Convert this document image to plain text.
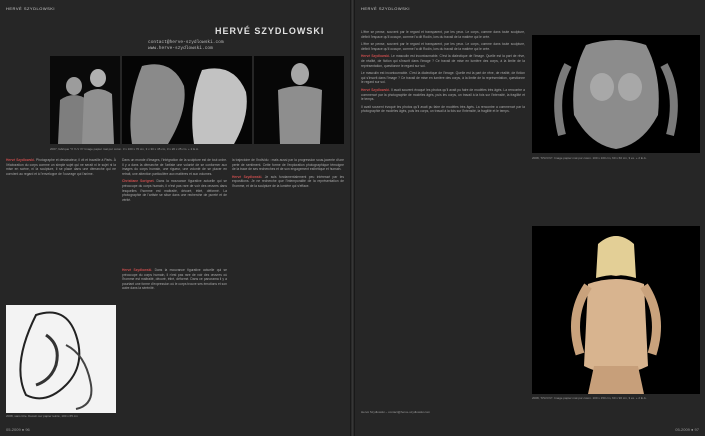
HERVÉ SZYDLOWSKI
HERVÉ SZYDLOWSKI
contact@herve-szydlowski.com
www.herve-szydlowski.com
2007, fabrique "X \\\ V \\\" Image papier mat pur coton. 3 x 100 x 70 cm, 3 x 30 x 45 cm, 3 x 20 x 25 cm. + 2 E.A.

Hervé Szydlowski. Photographe et dessinateur, il vit et travaille à Paris. À l'élaboration du corps comme un simple sujet qui ne serait ni le sujet ni la mise en scène, ni la sculpture, il se place dans une démarche qui ne convient au regard et à l'enveloppe de l'ouvrage qui l'anime.

Dans un monde d'images, l'intégration de la sculpture est de tout ordre. Il y a dans la démarche de l'artiste une volonté de se conformer aux images du corps humain, une rigueur, une volonté de se placer en retrait, une attention particulière aux matières et aux volumes.

Christiane Sorignet. Dans la mouvance figurative actuelle qui se préoccupe du corps humain, il n'est pas rare de voir des œuvres dans lesquelles l'homme est maltraité, décoré, étiré, déformé. La photographie de l'artiste se situe dans une recherche de pureté et de vérité.

la trajectoire de l'individu : mais aussi par la progression sous-jacente d'une perte de sentiment. Cette forme de l'exploration photographique témoigne de la trace de ses recherches et de son engagement esthétique et humain.

Hervé Szydlowski. Je suis fondamentalement peu intéressé par les expositions. Je ne recherche que l'intemporalité de la représentation de l'homme, et de la sculpture de la lumière qui s'efface.

Hervé Szydlowski. Dans la mouvance figurative actuelle qui se préoccupe du corps humain, il n'est pas rare de voir des œuvres où l'homme est maltraité, décoré, étiré, déformé. Dans ce panorama il y a pourtant une forme d'expression où le corps trouve ses émotions et son autre dans la sérénité.

2008, sans titre. Dessin sur papier teinté, 100 x 65 cm
05-2009 ● 96
HERVÉ SZYDLOWSKI

L'être se pense, souvent par le regard et transparent, par les yeux. Le corps, comme dans toute sculpture, définit l'espace qu'il occupe, comme l'a dit Rodin, lors du travail de la matière qui le crée.

L'être se pense, souvent par le regard et transparent, par les yeux. Le corps, comme dans toute sculpture, définit l'espace qu'il occupe, comme l'a dit Rodin, lors du travail de la matière qui le crée.

Hervé Szydlowski. Le masculin est incontournable. C'est la dialectique de l'image. Quelle est la part de rêve, de réalité, de fiction qui s'inscrit dans l'image ? Ce travail de mise en lumière des corps, à la limite de la représentation, questionne le regard sur soi.

Le masculin est incontournable. C'est la dialectique de l'image. Quelle est la part de rêve, de réalité, de fiction qui s'inscrit dans l'image ? Ce travail de mise en lumière des corps, à la limite de la représentation, questionne le regard sur soi.

Hervé Szydlowski. Il avait souvent évoqué les photos qu'il avait pu faire de modèles très âgés. La rencontre a commencé par la photographie de modèles âgés, puis les corps, un travail à la fois sur l'intensité, la fragilité et le temps.

Il avait souvent évoqué les photos qu'il avait pu faire de modèles très âgés. La rencontre a commencé par la photographie de modèles âgés, puis les corps, un travail à la fois sur l'intensité, la fragilité et le temps.

2008, "R\\\V\\\I". Image papier mat pur coton. 100 x 100 cm, 60 x 60 cm, 3 ex. + 2 E.A.
2008, "R\\\V\\\I". Image papier mat pur coton. 100 x 150 cm, 60 x 90 cm, 3 ex. + 2 E.A.
Hervé Szydlowski ~ contact@herve-szydlowski.com
05-2009 ● 97
